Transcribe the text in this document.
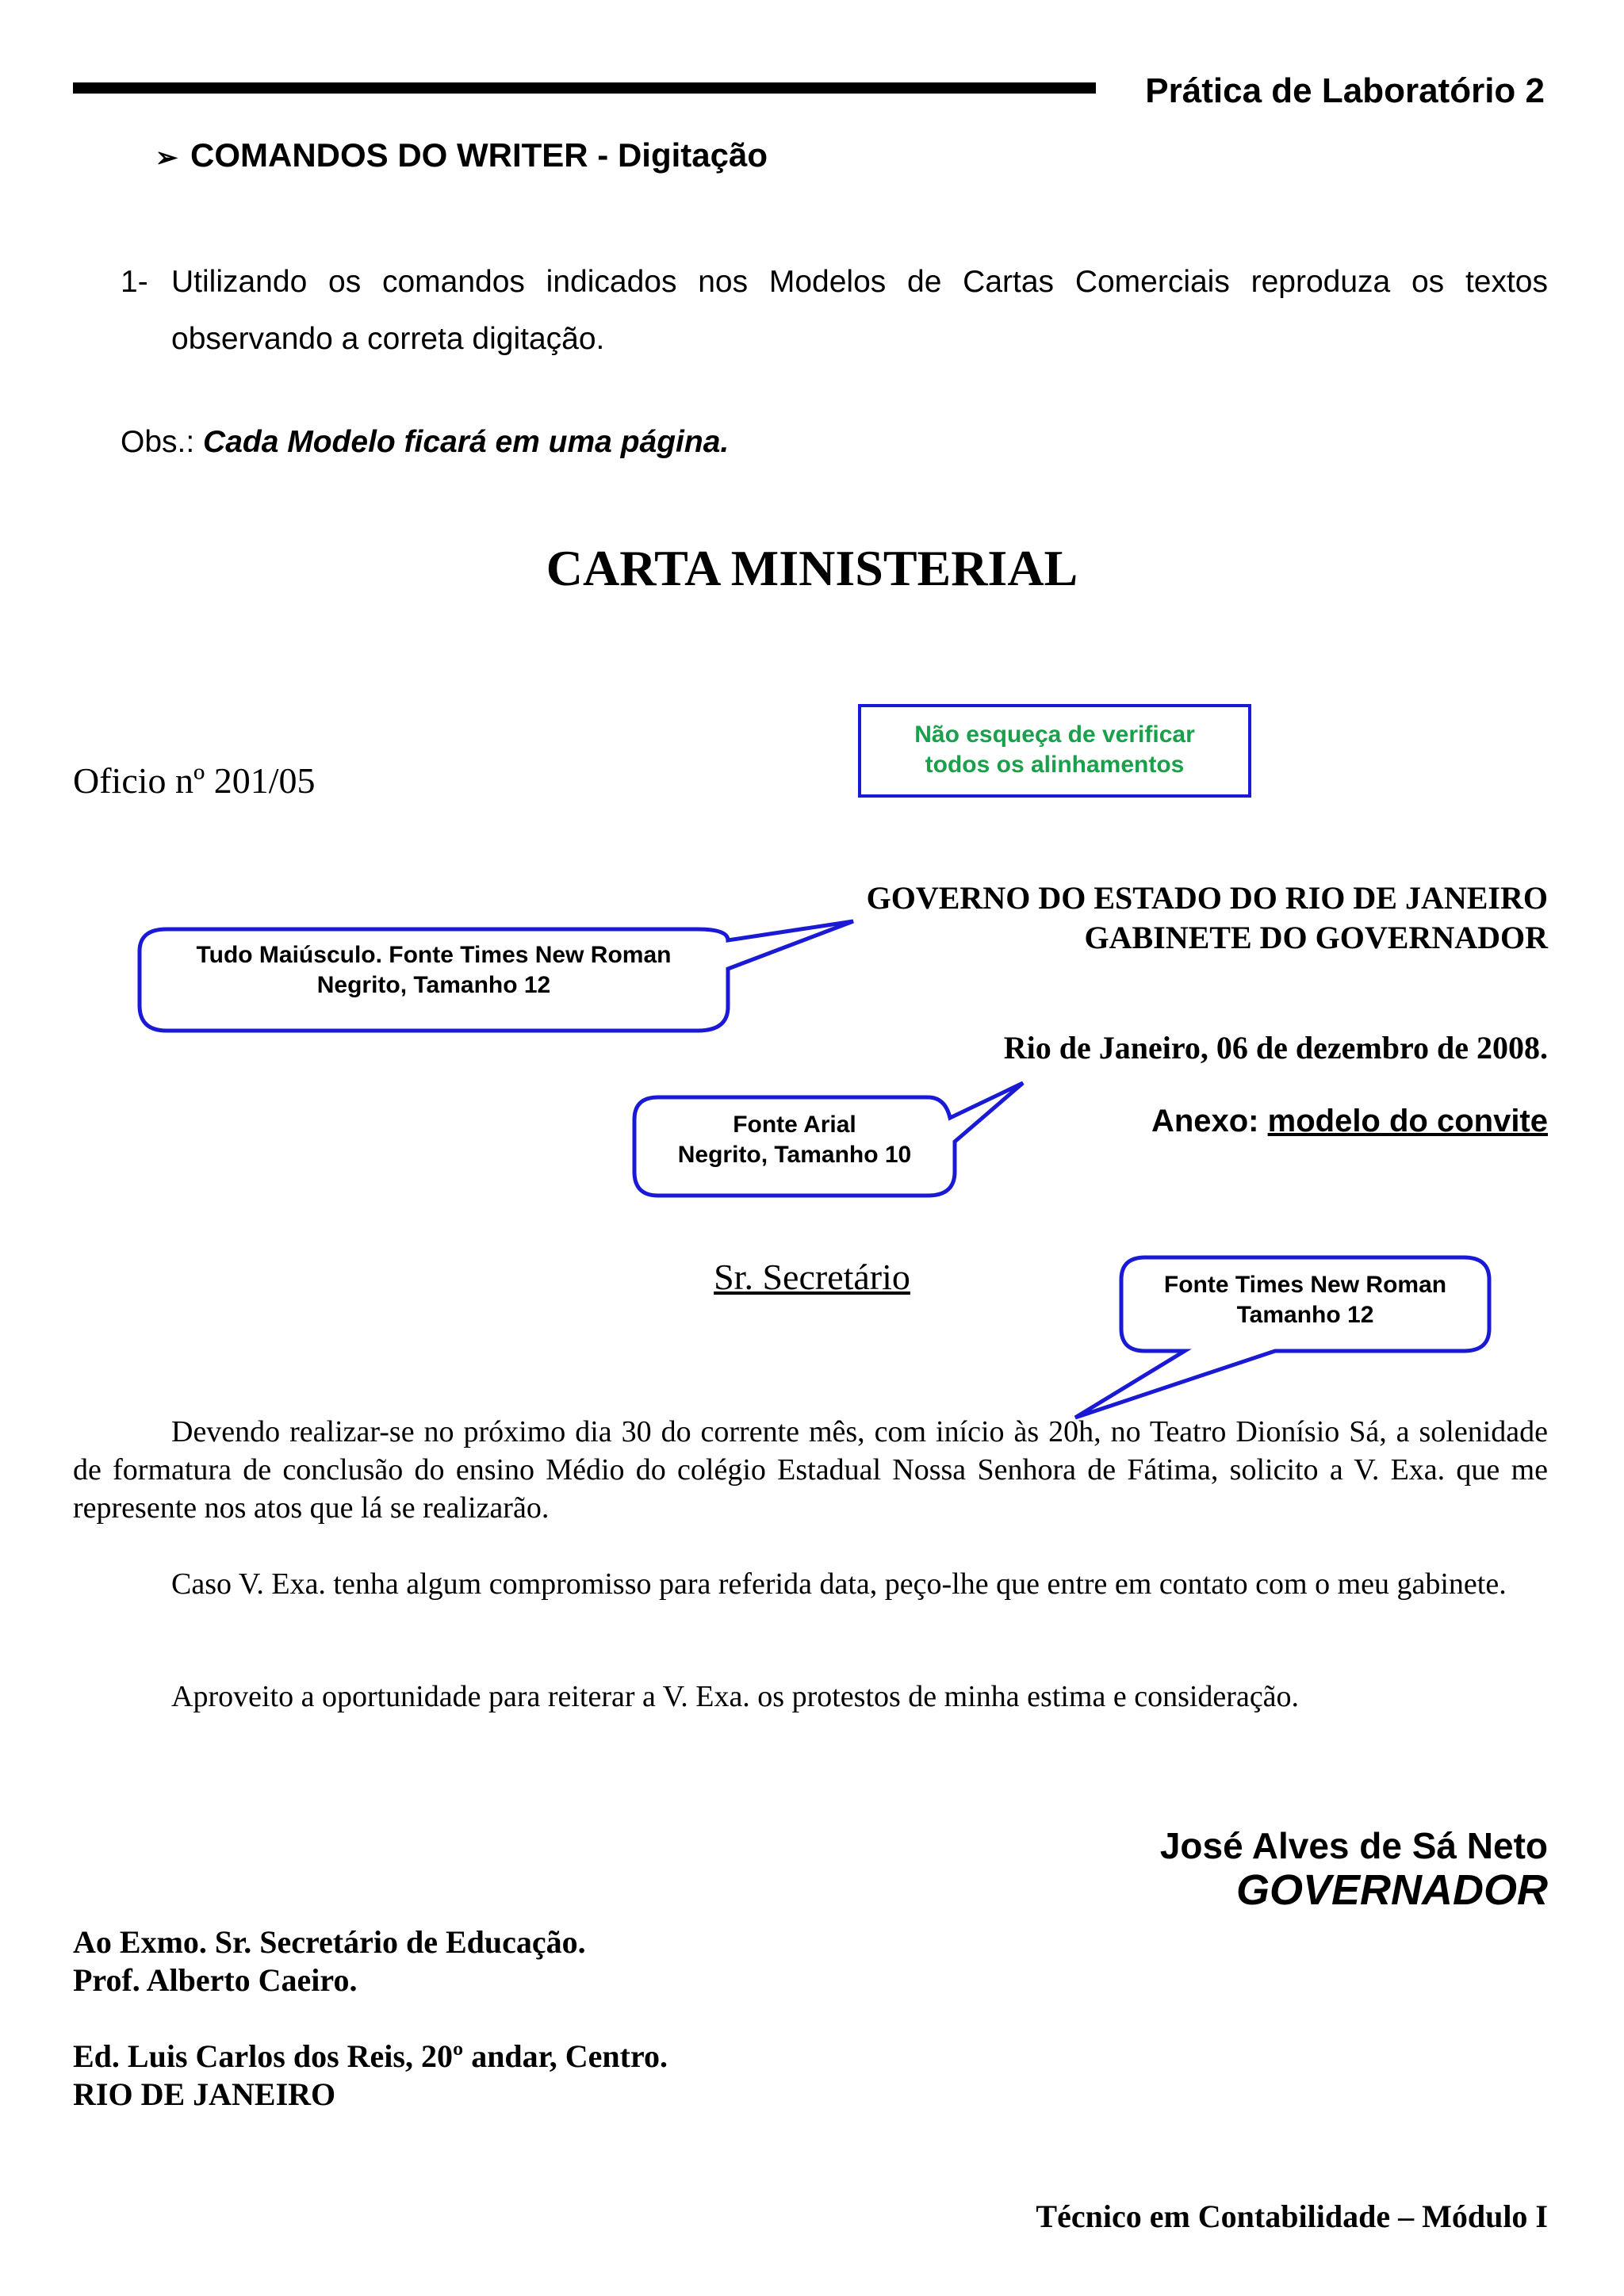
Prática de Laboratório 2
➢ COMANDOS DO WRITER - Digitação
1- Utilizando os comandos indicados nos Modelos de Cartas Comerciais reproduza os textos observando a correta digitação.
Obs.: Cada Modelo ficará em uma página.
CARTA MINISTERIAL
Oficio nº 201/05
Não esqueça de verificar
todos os alinhamentos
Tudo Maiúsculo. Fonte Times New Roman
Negrito, Tamanho 12
Fonte Arial
Negrito, Tamanho 10
Fonte Times New Roman
Tamanho 12
GOVERNO DO ESTADO DO RIO DE JANEIRO
GABINETE DO GOVERNADOR
Rio de Janeiro, 06 de dezembro de 2008.
Anexo: modelo do convite
Sr. Secretário
Devendo realizar-se no próximo dia 30 do corrente mês, com início às 20h, no Teatro Dionísio Sá, a solenidade de formatura de conclusão do ensino Médio do colégio Estadual Nossa Senhora de Fátima, solicito a V. Exa. que me represente nos atos que lá se realizarão.
Caso V. Exa. tenha algum compromisso para referida data, peço-lhe que entre em contato com o meu gabinete.
Aproveito a oportunidade para reiterar a V. Exa. os protestos de minha estima e consideração.
José Alves de Sá Neto
GOVERNADOR
Ao Exmo. Sr. Secretário de Educação.
Prof. Alberto Caeiro.
Ed. Luis Carlos dos Reis, 20º andar, Centro.
RIO DE JANEIRO
Técnico em Contabilidade – Módulo I
